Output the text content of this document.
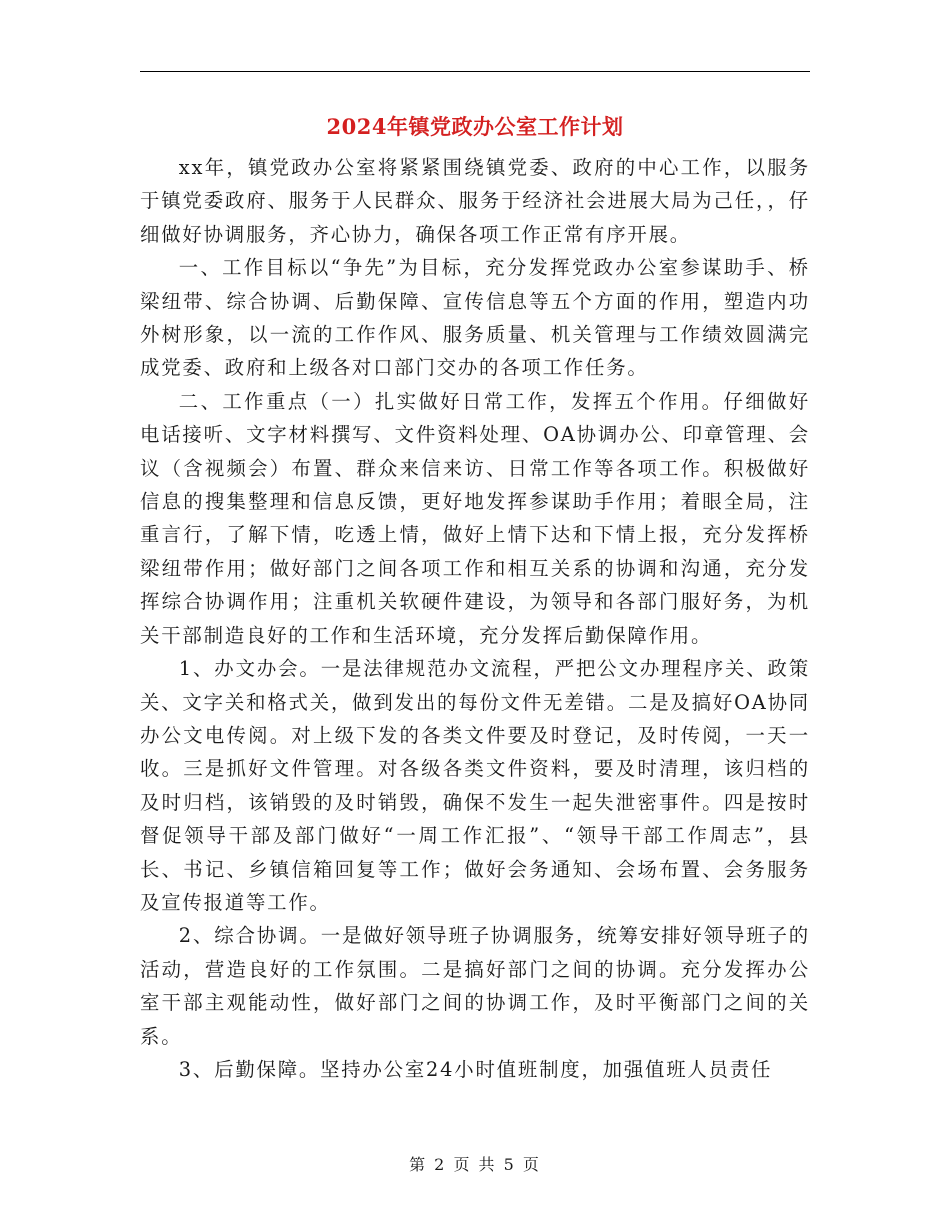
2024年镇党政办公室工作计划

xx年，镇党政办公室将紧紧围绕镇党委、政府的中心工作，以服务于镇党委政府、服务于人民群众、服务于经济社会进展大局为己任，，仔细做好协调服务，齐心协力，确保各项工作正常有序开展。

一、工作目标以“争先”为目标，充分发挥党政办公室参谋助手、桥梁纽带、综合协调、后勤保障、宣传信息等五个方面的作用，塑造内功外树形象，以一流的工作作风、服务质量、机关管理与工作绩效圆满完成党委、政府和上级各对口部门交办的各项工作任务。

二、工作重点（一）扎实做好日常工作，发挥五个作用。仔细做好电话接听、文字材料撰写、文件资料处理、OA协调办公、印章管理、会议（含视频会）布置、群众来信来访、日常工作等各项工作。积极做好信息的搜集整理和信息反馈，更好地发挥参谋助手作用；着眼全局，注重言行，了解下情，吃透上情，做好上情下达和下情上报，充分发挥桥梁纽带作用；做好部门之间各项工作和相互关系的协调和沟通，充分发挥综合协调作用；注重机关软硬件建设，为领导和各部门服好务，为机关干部制造良好的工作和生活环境，充分发挥后勤保障作用。

1、办文办会。一是法律规范办文流程，严把公文办理程序关、政策关、文字关和格式关，做到发出的每份文件无差错。二是及搞好OA协同办公文电传阅。对上级下发的各类文件要及时登记，及时传阅，一天一收。三是抓好文件管理。对各级各类文件资料，要及时清理，该归档的及时归档，该销毁的及时销毁，确保不发生一起失泄密事件。四是按时督促领导干部及部门做好“一周工作汇报”、“领导干部工作周志”，县长、书记、乡镇信箱回复等工作；做好会务通知、会场布置、会务服务及宣传报道等工作。

2、综合协调。一是做好领导班子协调服务，统筹安排好领导班子的活动，营造良好的工作氛围。二是搞好部门之间的协调。充分发挥办公室干部主观能动性，做好部门之间的协调工作，及时平衡部门之间的关系。

3、后勤保障。坚持办公室24小时值班制度，加强值班人员责任

第 2 页 共 5 页
